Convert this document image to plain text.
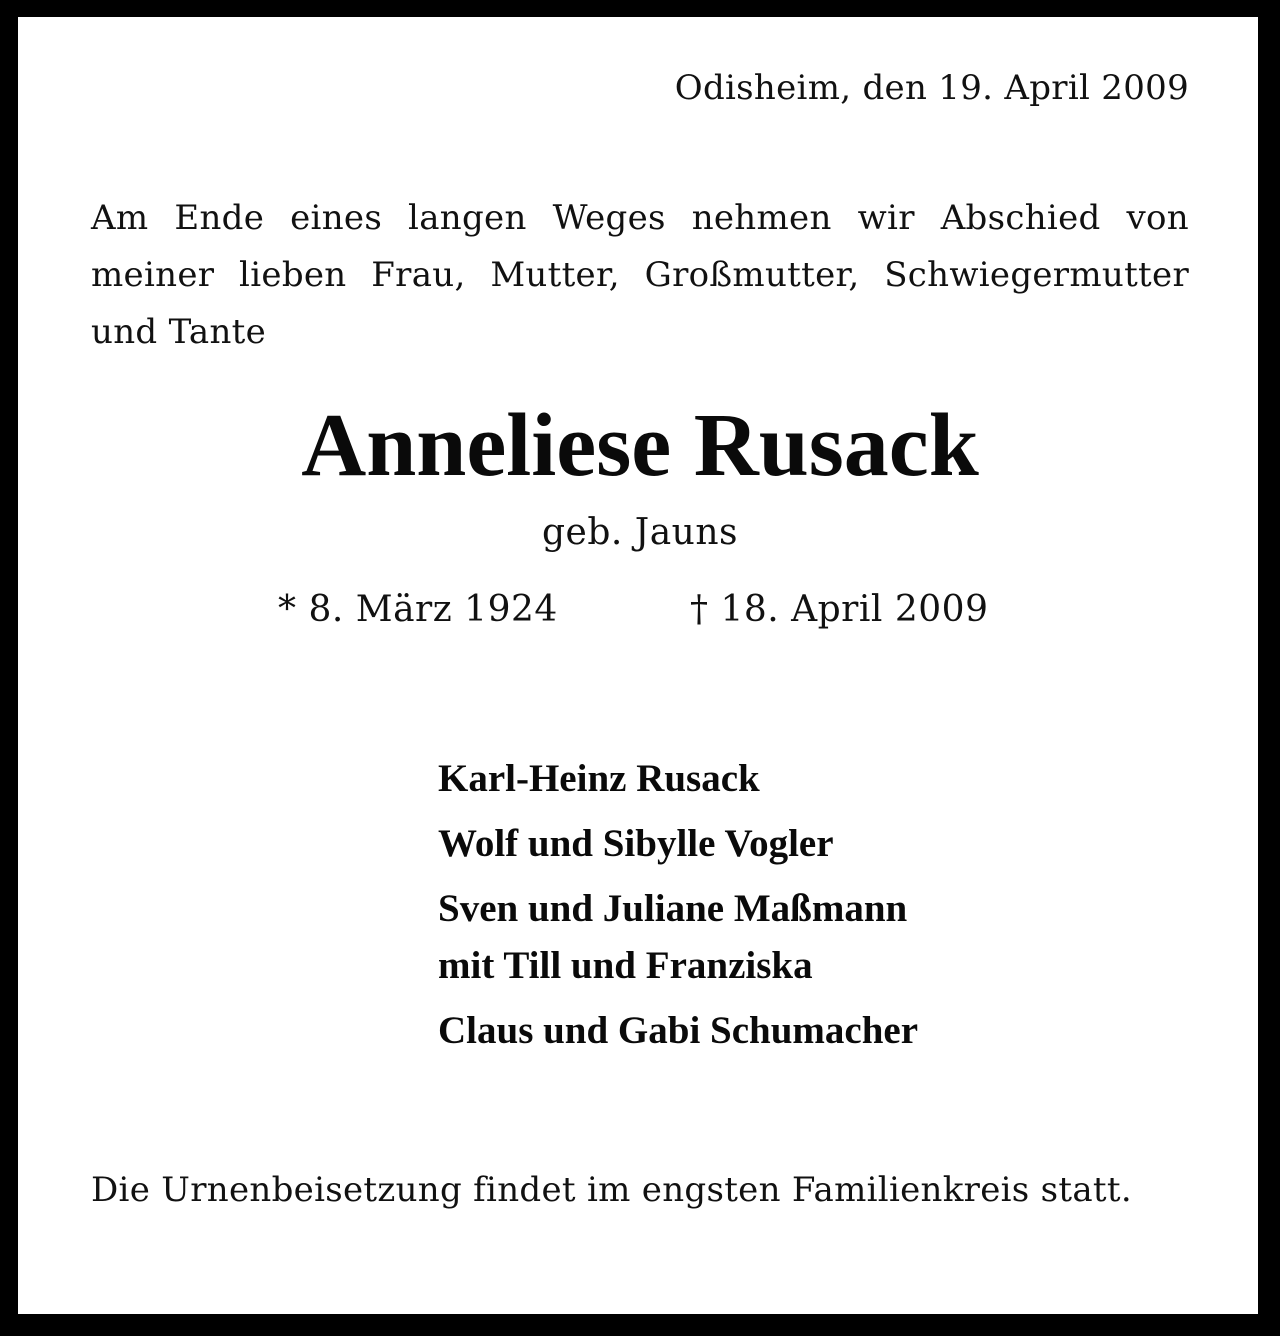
Odisheim, den 19. April 2009

Am Ende eines langen Weges nehmen wir Abschied von meiner lieben Frau, Mutter, Großmutter, Schwiegermutter und Tante

Anneliese Rusack
geb. Jauns
* 8. März 1924	† 18. April 2009
Karl-Heinz Rusack
Wolf und Sibylle Vogler
Sven und Juliane Maßmann
mit Till und Franziska
Claus und Gabi Schumacher

Die Urnenbeisetzung findet im engsten Familienkreis statt.
